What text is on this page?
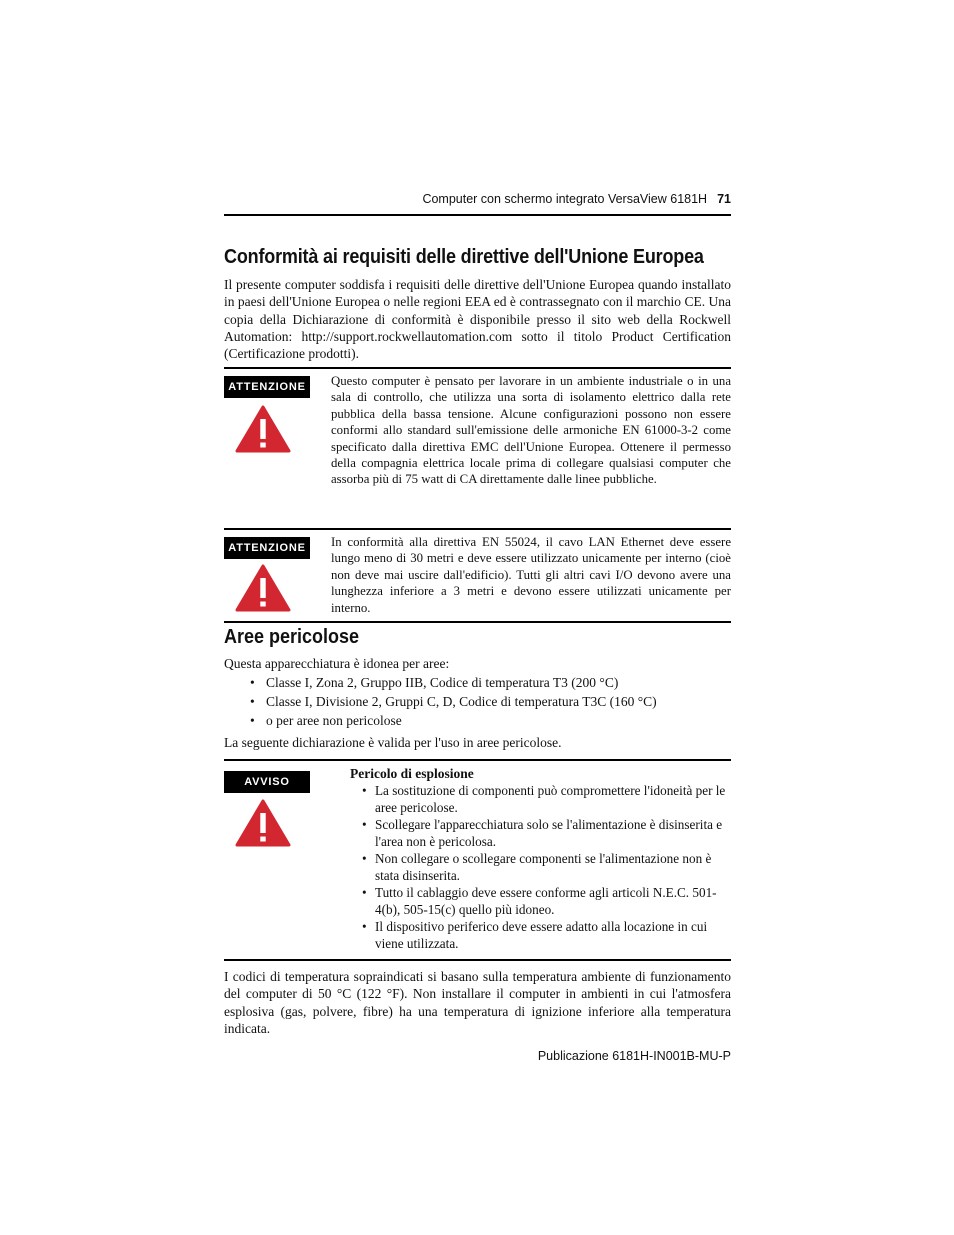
Computer con schermo integrato VersaView 6181H 71
Conformità ai requisiti delle direttive dell'Unione Europea

Il presente computer soddisfa i requisiti delle direttive dell'Unione Europea quando installato in paesi dell'Unione Europea o nelle regioni EEA ed è contrassegnato con il marchio CE. Una copia della Dichiarazione di conformità è disponibile presso il sito web della Rockwell Automation: http://support.rockwellautomation.com sotto il titolo Product Certification (Certificazione prodotti).

ATTENZIONE	Questo computer è pensato per lavorare in un ambiente industriale o in una sala di controllo, che utilizza una sorta di isolamento elettrico dalla rete pubblica della bassa tensione. Alcune configurazioni possono non essere conformi allo standard sull'emissione delle armoniche EN 61000-3-2 come specificato dalla direttiva EMC dell'Unione Europea. Ottenere il permesso della compagnia elettrica locale prima di collegare qualsiasi computer che assorba più di 75 watt di CA direttamente dalle linee pubbliche.

ATTENZIONE	In conformità alla direttiva EN 55024, il cavo LAN Ethernet deve essere lungo meno di 30 metri e deve essere utilizzato unicamente per interno (cioè non deve mai uscire dall'edificio). Tutti gli altri cavi I/O devono avere una lunghezza inferiore a 3 metri e devono essere utilizzati unicamente per interno.

Aree pericolose

Questa apparecchiatura è idonea per aree:

• Classe I, Zona 2, Gruppo IIB, Codice di temperatura T3 (200 °C)
• Classe I, Divisione 2, Gruppi C, D, Codice di temperatura T3C (160 °C)
• o per aree non pericolose

La seguente dichiarazione è valida per l'uso in aree pericolose.

AVVISO
Pericolo di esplosione
• La sostituzione di componenti può compromettere l'idoneità per le aree pericolose.
• Scollegare l'apparecchiatura solo se l'alimentazione è disinserita e l'area non è pericolosa.
• Non collegare o scollegare componenti se l'alimentazione non è stata disinserita.
• Tutto il cablaggio deve essere conforme agli articoli N.E.C. 501-4(b), 505-15(c) quello più idoneo.
• Il dispositivo periferico deve essere adatto alla locazione in cui viene utilizzata.

I codici di temperatura sopraindicati si basano sulla temperatura ambiente di funzionamento del computer di 50 °C (122 °F). Non installare il computer in ambienti in cui l'atmosfera esplosiva (gas, polvere, fibre) ha una temperatura di ignizione inferiore alla temperatura indicata.

Publicazione 6181H-IN001B-MU-P
